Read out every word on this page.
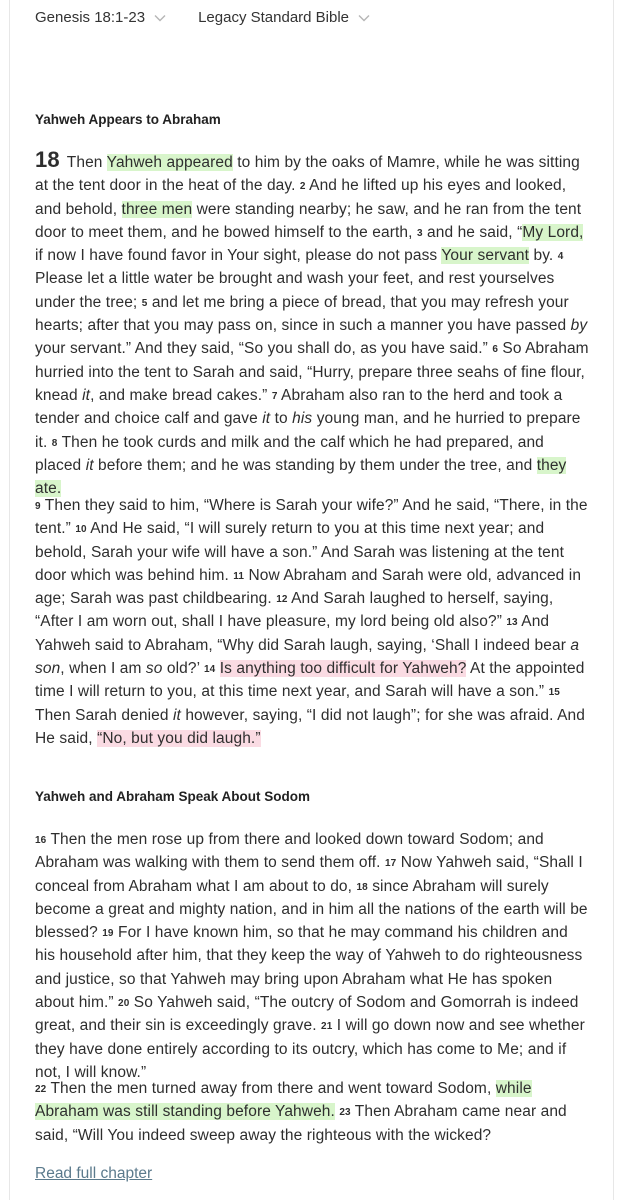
Genesis 18:1-23	Legacy Standard Bible
Yahweh Appears to Abraham

18 Then Yahweh appeared to him by the oaks of Mamre, while he was sitting at the tent door in the heat of the day. $^2$ And he lifted up his eyes and looked, and behold, three men were standing nearby; he saw, and he ran from the tent door to meet them, and he bowed himself to the earth, $^3$ and he said, “My Lord, if now I have found favor in Your sight, please do not pass Your servant by. $^4$ Please let a little water be brought and wash your feet, and rest yourselves under the tree; $^5$ and let me bring a piece of bread, that you may refresh your hearts; after that you may pass on, since in such a manner you have passed by your servant.” And they said, “So you shall do, as you have said.” $^6$ So Abraham hurried into the tent to Sarah and said, “Hurry, prepare three seahs of fine flour, knead it, and make bread cakes.” $^7$ Abraham also ran to the herd and took a tender and choice calf and gave it to his young man, and he hurried to prepare it. $^8$ Then he took curds and milk and the calf which he had prepared, and placed it before them; and he was standing by them under the tree, and they ate.

$^9$ Then they said to him, “Where is Sarah your wife?” And he said, “There, in the tent.” $^{10}$ And He said, “I will surely return to you at this time next year; and behold, Sarah your wife will have a son.” And Sarah was listening at the tent door which was behind him. $^{11}$ Now Abraham and Sarah were old, advanced in age; Sarah was past childbearing. $^{12}$ And Sarah laughed to herself, saying, “After I am worn out, shall I have pleasure, my lord being old also?” $^{13}$ And Yahweh said to Abraham, “Why did Sarah laugh, saying, ‘Shall I indeed bear a son, when I am so old?’ $^{14}$ Is anything too difficult for Yahweh? At the appointed time I will return to you, at this time next year, and Sarah will have a son.” $^{15}$ Then Sarah denied it however, saying, “I did not laugh”; for she was afraid. And He said, “No, but you did laugh.”

Yahweh and Abraham Speak About Sodom

$^{16}$ Then the men rose up from there and looked down toward Sodom; and Abraham was walking with them to send them off. $^{17}$ Now Yahweh said, “Shall I conceal from Abraham what I am about to do, $^{18}$ since Abraham will surely become a great and mighty nation, and in him all the nations of the earth will be blessed? $^{19}$ For I have known him, so that he may command his children and his household after him, that they keep the way of Yahweh to do righteousness and justice, so that Yahweh may bring upon Abraham what He has spoken about him.” $^{20}$ So Yahweh said, “The outcry of Sodom and Gomorrah is indeed great, and their sin is exceedingly grave. $^{21}$ I will go down now and see whether they have done entirely according to its outcry, which has come to Me; and if not, I will know.”

$^{22}$ Then the men turned away from there and went toward Sodom, while Abraham was still standing before Yahweh. $^{23}$ Then Abraham came near and said, “Will You indeed sweep away the righteous with the wicked?

Read full chapter
